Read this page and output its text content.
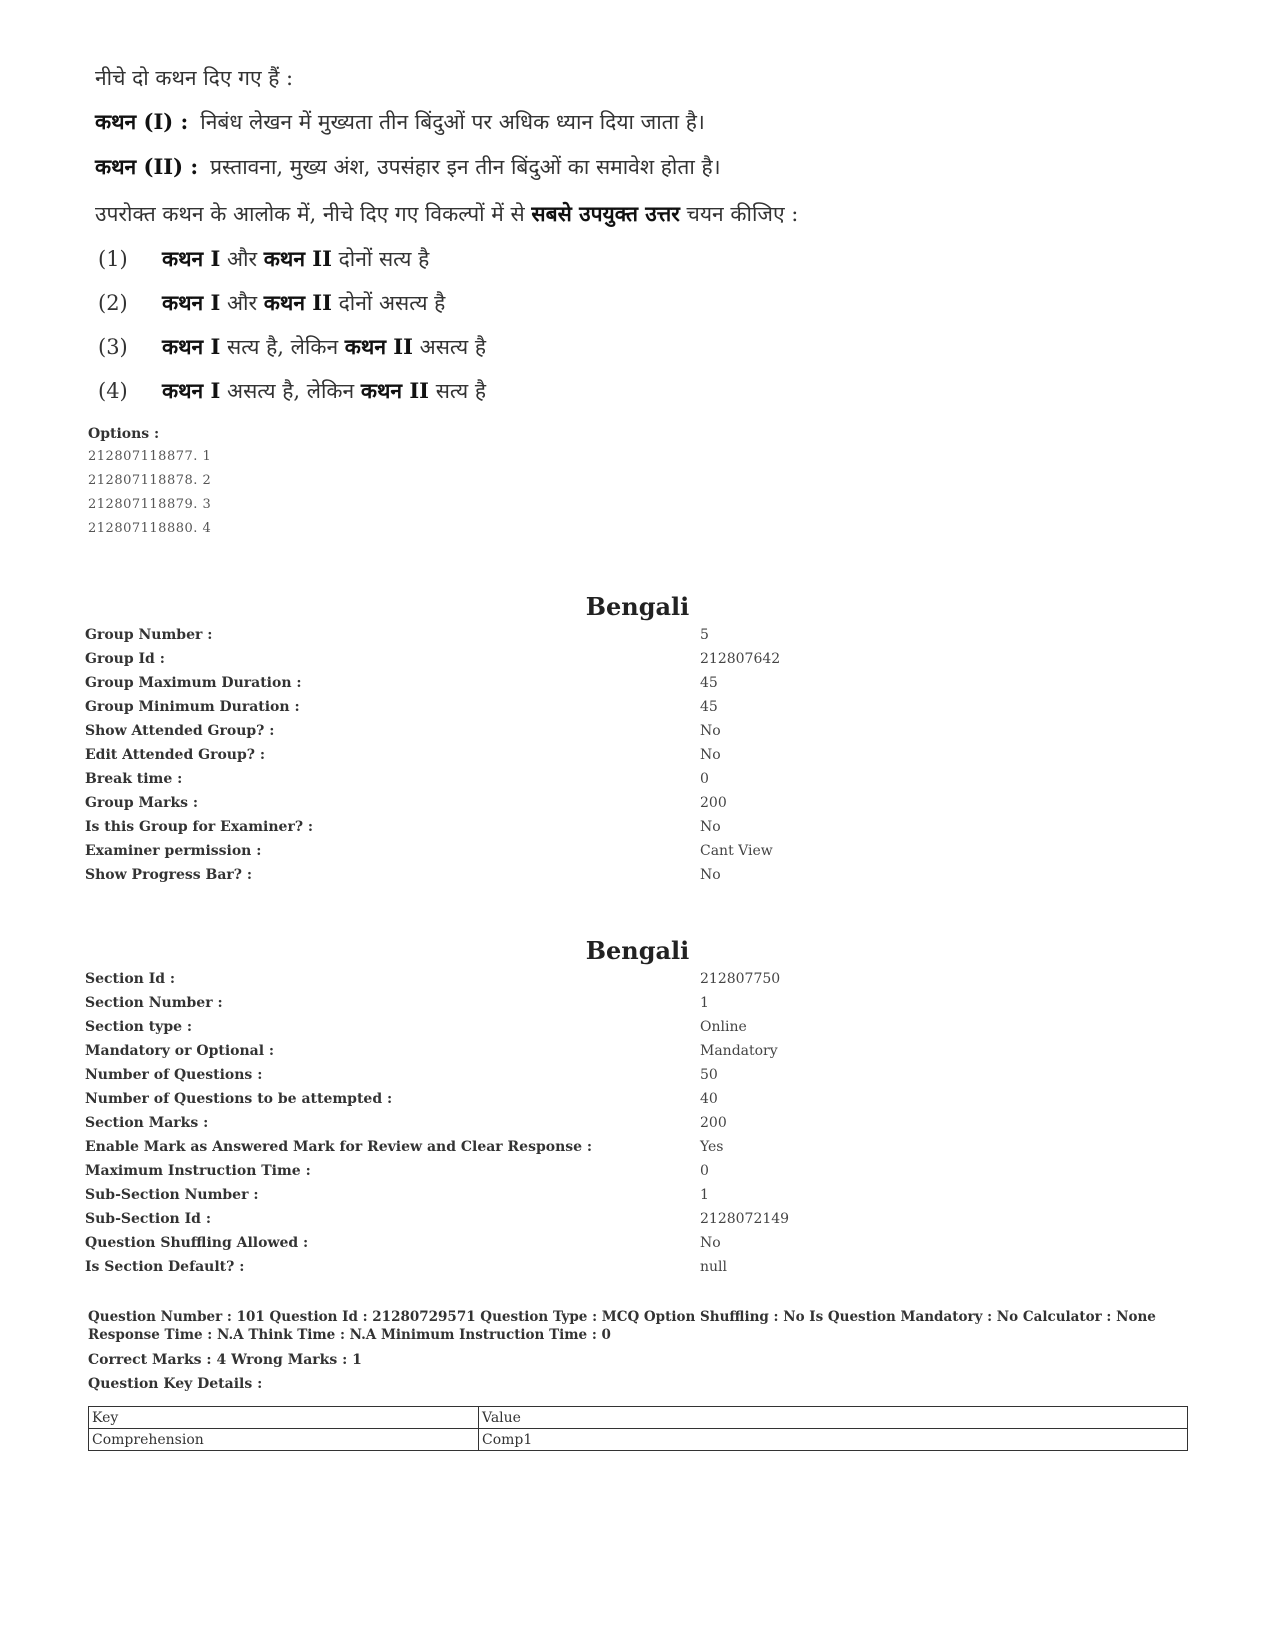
नीचे दो कथन दिए गए हैं :
कथन (I) : निबंध लेखन में मुख्यता तीन बिंदुओं पर अधिक ध्यान दिया जाता है।
कथन (II) : प्रस्तावना, मुख्य अंश, उपसंहार इन तीन बिंदुओं का समावेश होता है।
उपरोक्त कथन के आलोक में, नीचे दिए गए विकल्पों में से सबसे उपयुक्त उत्तर चयन कीजिए :
(1) कथन I और कथन II दोनों सत्य है
(2) कथन I और कथन II दोनों असत्य है
(3) कथन I सत्य है, लेकिन कथन II असत्य है
(4) कथन I असत्य है, लेकिन कथन II सत्य है
Options :
212807118877. 1
212807118878. 2
212807118879. 3
212807118880. 4
Bengali
Group Number :	5
Group Id :	212807642
Group Maximum Duration :	45
Group Minimum Duration :	45
Show Attended Group? :	No
Edit Attended Group? :	No
Break time :	0
Group Marks :	200
Is this Group for Examiner? :	No
Examiner permission :	Cant View
Show Progress Bar? :	No
Bengali
Section Id :	212807750
Section Number :	1
Section type :	Online
Mandatory or Optional :	Mandatory
Number of Questions :	50
Number of Questions to be attempted :	40
Section Marks :	200
Enable Mark as Answered Mark for Review and Clear Response :	Yes
Maximum Instruction Time :	0
Sub-Section Number :	1
Sub-Section Id :	2128072149
Question Shuffling Allowed :	No
Is Section Default? :	null
Question Number : 101 Question Id : 21280729571 Question Type : MCQ Option Shuffling : No Is Question Mandatory : No Calculator : None
Response Time : N.A Think Time : N.A Minimum Instruction Time : 0
Correct Marks : 4 Wrong Marks : 1
Question Key Details :
Key	Value
Comprehension	Comp1
